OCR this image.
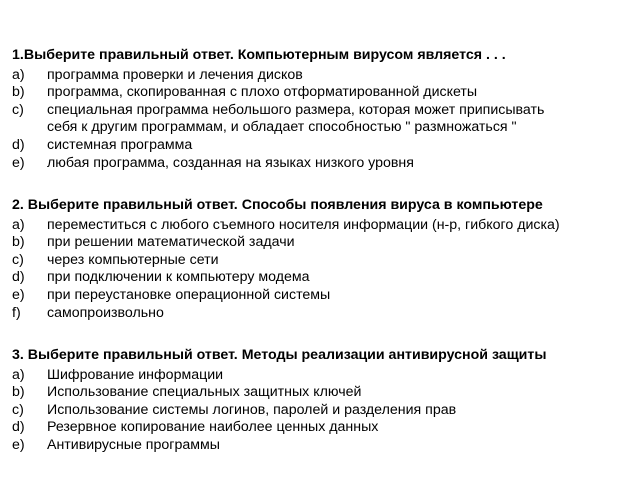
1.Выберите правильный ответ. Компьютерным вирусом является . . .
a)	программа проверки и лечения дисков
b)	программа, скопированная с плохо отформатированной дискеты
c)	специальная программа небольшого размера, которая может приписывать
себя к другим программам, и обладает способностью " размножаться "
d)	системная программа
e)	любая программа, созданная на языках низкого уровня
2. Выберите правильный ответ. Способы появления вируса в компьютере
a)	переместиться с любого съемного носителя информации (н-р, гибкого диска)
b)	при решении математической задачи
c)	через компьютерные сети
d)	при подключении к компьютеру модема
e)	при переустановке операционной системы
f)	самопроизвольно
3. Выберите правильный ответ. Методы реализации антивирусной защиты
a)	Шифрование информации
b)	Использование специальных защитных ключей
c)	Использование системы логинов, паролей и разделения прав
d)	Резервное копирование наиболее ценных данных
e)	Антивирусные программы
